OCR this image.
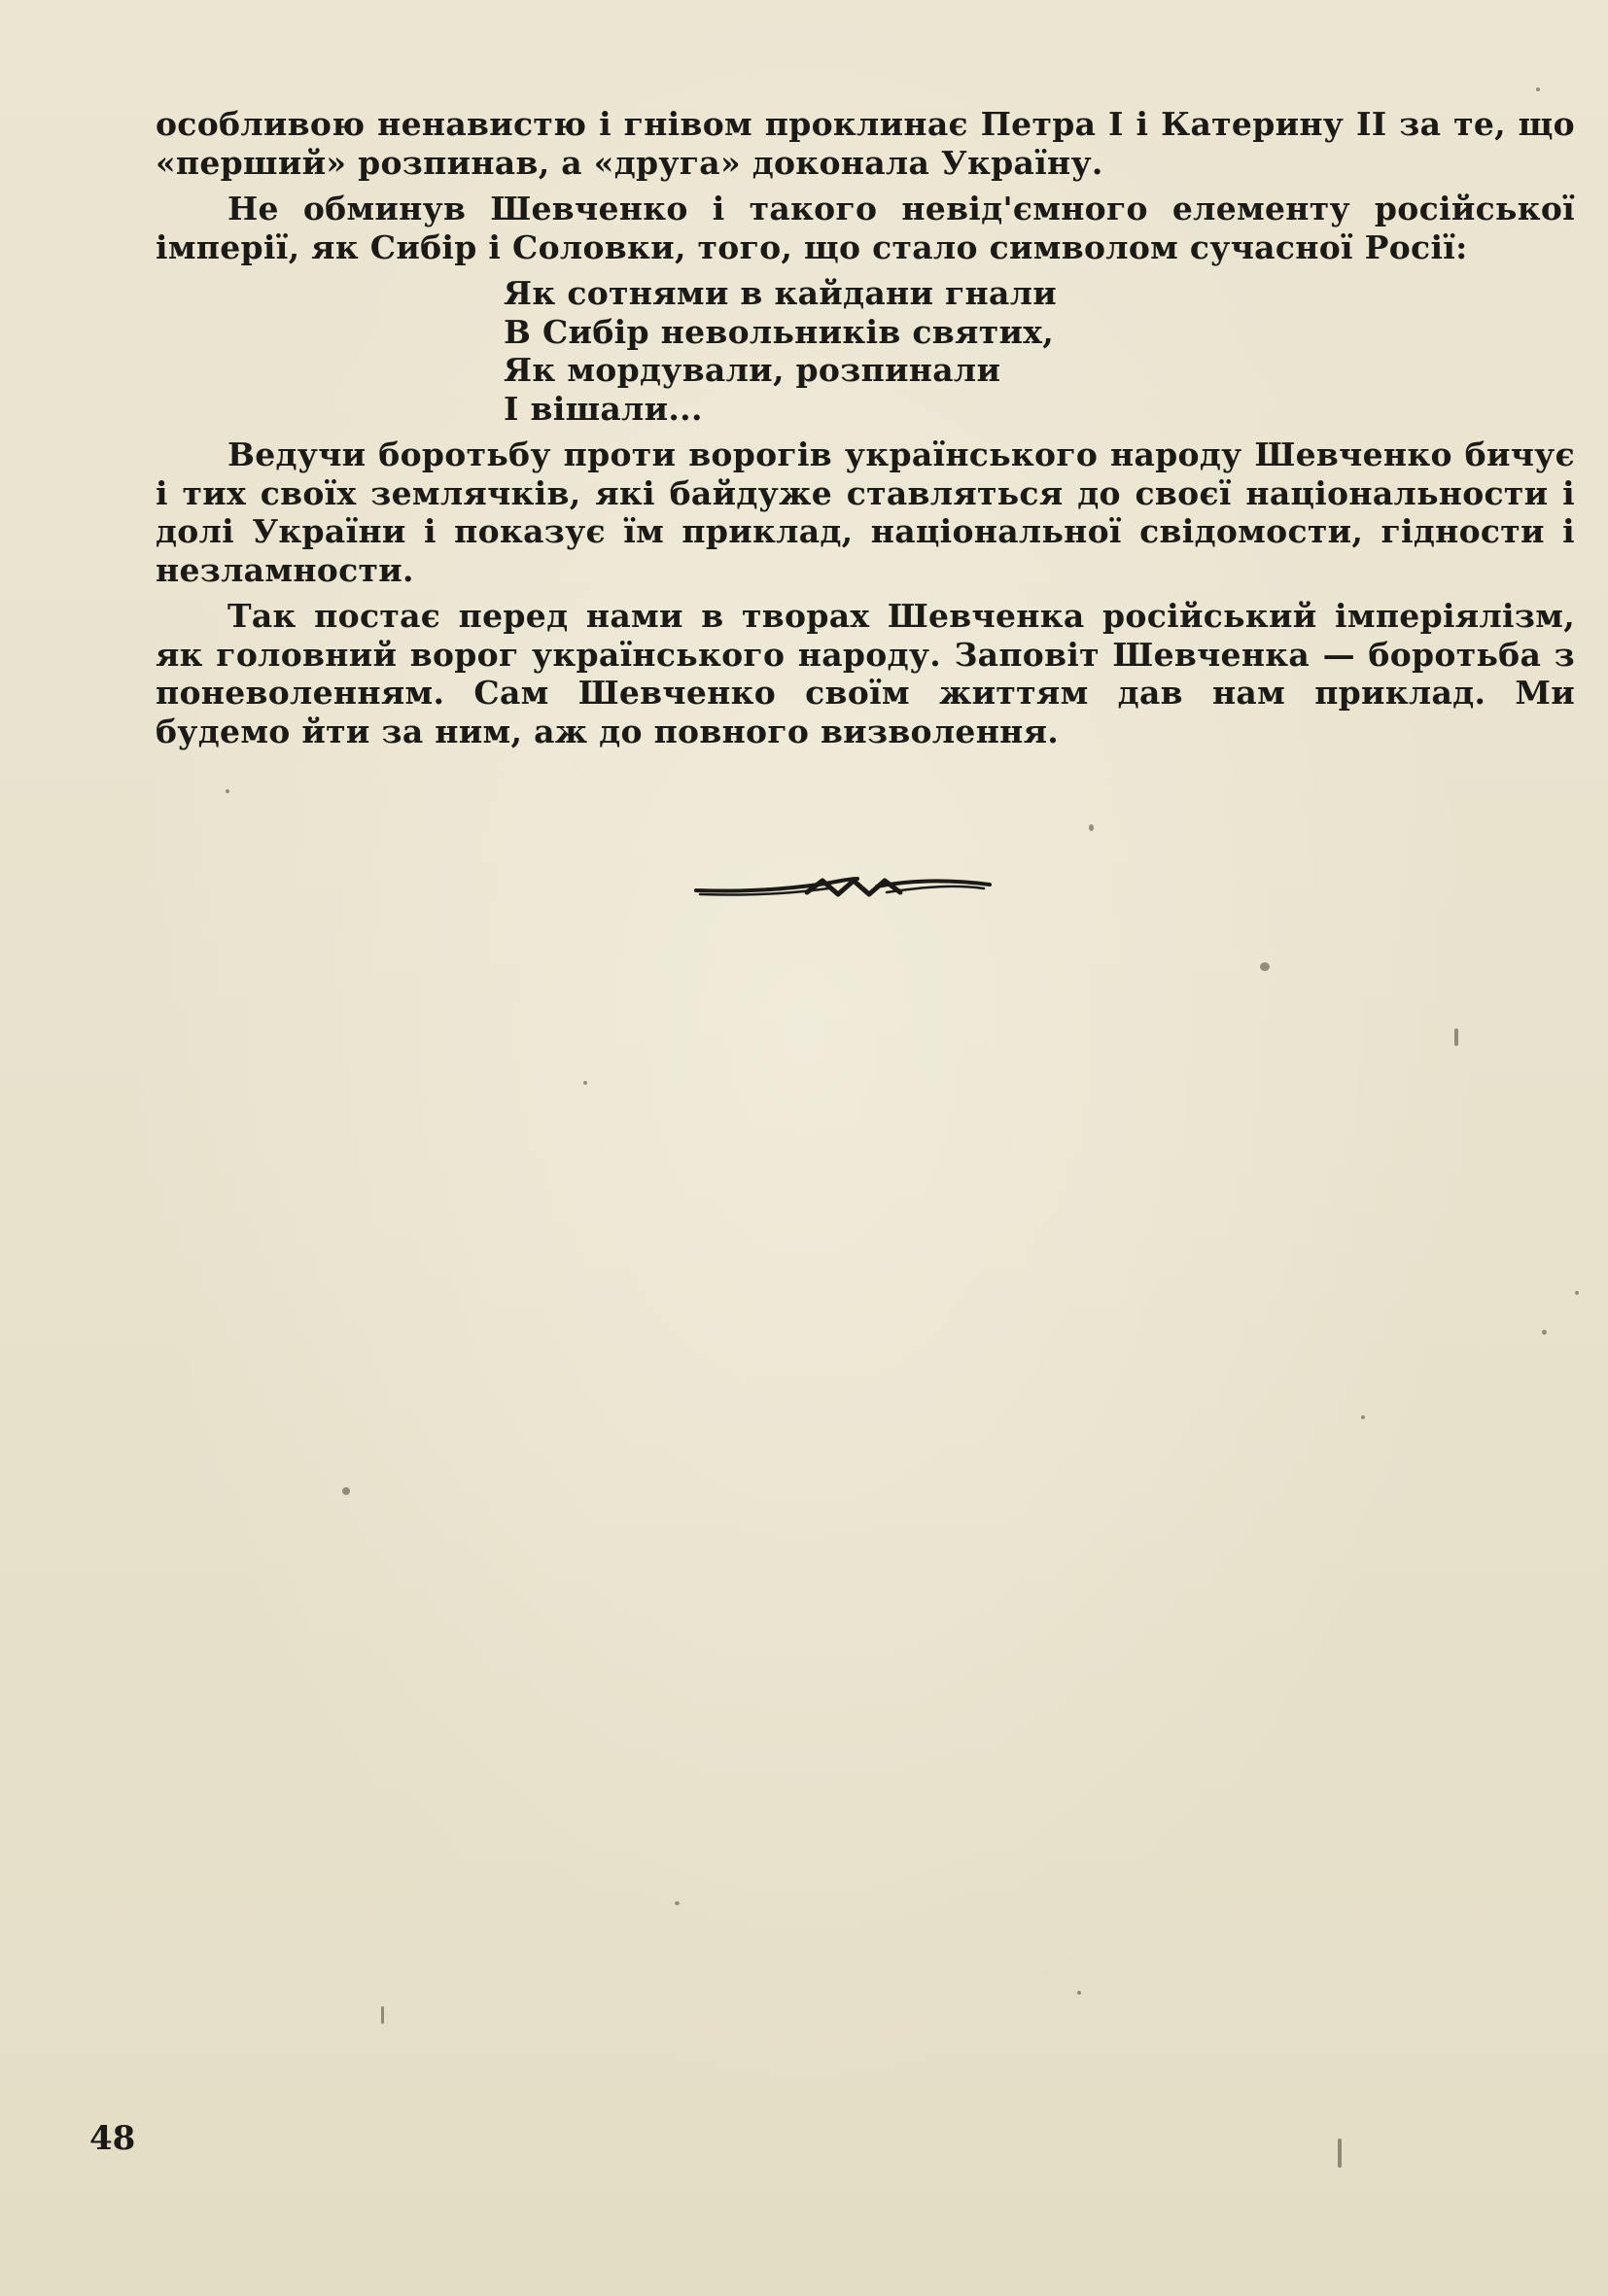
особливою ненавистю і гнівом проклинає Петра I і Катерину II за те, що «перший» розпинав, а «друга» доконала Україну.

Не обминув Шевченко і такого невід'ємного елементу російської імперії, як Сибір і Соловки, того, що стало символом сучасної Росії:

Як сотнями в кайдани гнали
В Сибір невольників святих,
Як мордували, розпинали
І вішали...

Ведучи боротьбу проти ворогів українського народу Шевченко бичує і тих своїх землячків, які байдуже ставляться до своєї національности і долі України і показує їм приклад, національної свідомости, гідности і незламности.

Так постає перед нами в творах Шевченка російський імперіялізм, як головний ворог українського народу. Заповіт Шевченка — боротьба з поневоленням. Сам Шевченко своїм життям дав нам приклад. Ми будемо йти за ним, аж до повного визволення.

48
